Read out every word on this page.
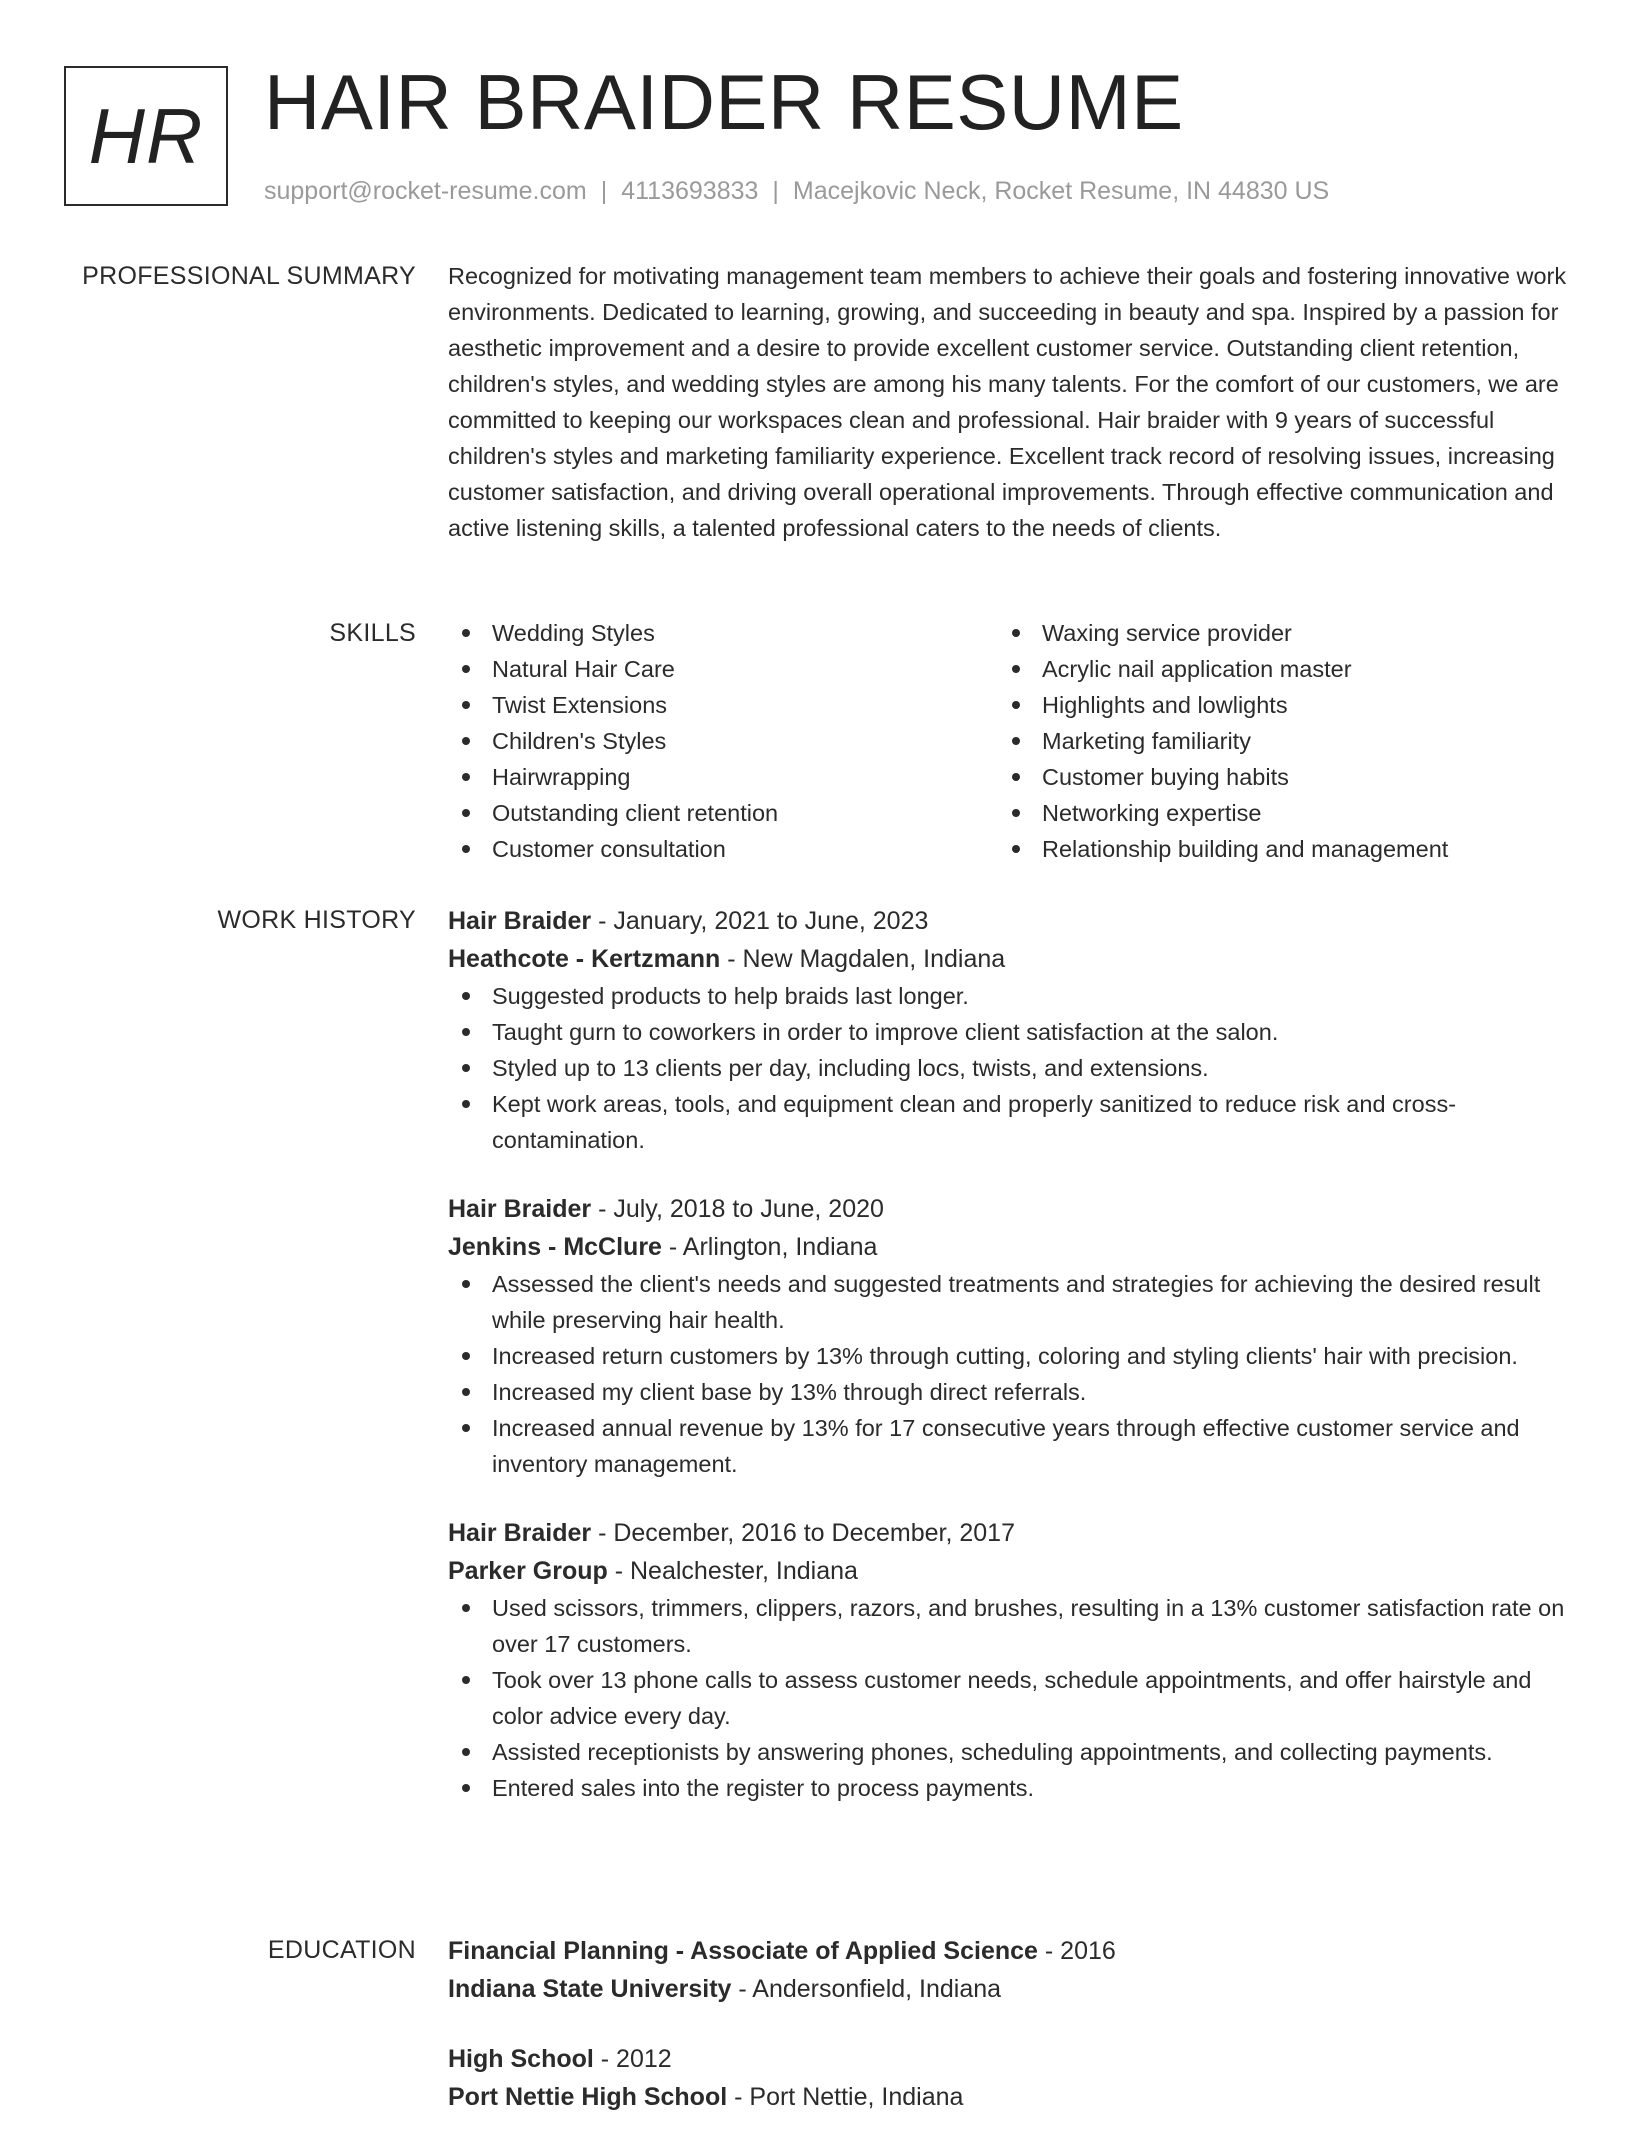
HR HAIR BRAIDER RESUME
support@rocket-resume.com | 4113693833 | Macejkovic Neck, Rocket Resume, IN 44830 US
PROFESSIONAL SUMMARY Recognized for motivating management team members to achieve their goals and fostering innovative work environments. Dedicated to learning, growing, and succeeding in beauty and spa. Inspired by a passion for aesthetic improvement and a desire to provide excellent customer service. Outstanding client retention, children's styles, and wedding styles are among his many talents. For the comfort of our customers, we are committed to keeping our workspaces clean and professional. Hair braider with 9 years of successful children's styles and marketing familiarity experience. Excellent track record of resolving issues, increasing customer satisfaction, and driving overall operational improvements. Through effective communication and active listening skills, a talented professional caters to the needs of clients.

SKILLS	Wedding Styles
Natural Hair Care
Twist Extensions
Children's Styles
Hairwrapping
Outstanding client retention
Customer consultation
Waxing service provider
Acrylic nail application master
Highlights and lowlights
Marketing familiarity
Customer buying habits
Networking expertise
Relationship building and management
WORK HISTORY Hair Braider - January, 2021 to June, 2023
Heathcote - Kertzmann - New Magdalen, Indiana
Suggested products to help braids last longer.
Taught gurn to coworkers in order to improve client satisfaction at the salon.
Styled up to 13 clients per day, including locs, twists, and extensions.
Kept work areas, tools, and equipment clean and properly sanitized to reduce risk and cross-contamination.
Hair Braider - July, 2018 to June, 2020
Jenkins - McClure - Arlington, Indiana
Assessed the client's needs and suggested treatments and strategies for achieving the desired result while preserving hair health.
Increased return customers by 13% through cutting, coloring and styling clients' hair with precision.
Increased my client base by 13% through direct referrals.
Increased annual revenue by 13% for 17 consecutive years through effective customer service and inventory management.
Hair Braider - December, 2016 to December, 2017
Parker Group - Nealchester, Indiana
Used scissors, trimmers, clippers, razors, and brushes, resulting in a 13% customer satisfaction rate on over 17 customers.
Took over 13 phone calls to assess customer needs, schedule appointments, and offer hairstyle and color advice every day.
Assisted receptionists by answering phones, scheduling appointments, and collecting payments.
Entered sales into the register to process payments.
EDUCATION Financial Planning - Associate of Applied Science - 2016
Indiana State University - Andersonfield, Indiana
High School - 2012
Port Nettie High School - Port Nettie, Indiana
